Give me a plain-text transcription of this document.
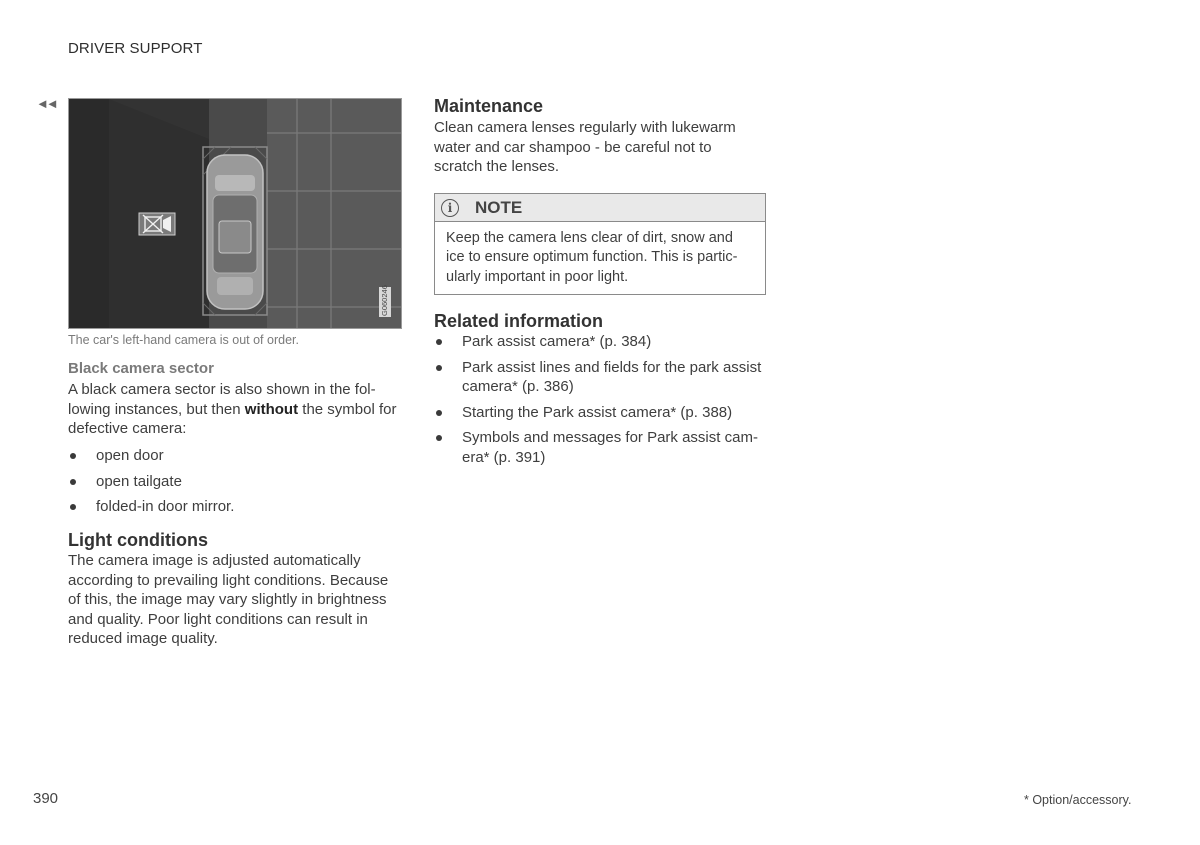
DRIVER SUPPORT
◄◄
G060246
The car's left-hand camera is out of order.
Black camera sector
A black camera sector is also shown in the fol-lowing instances, but then without the symbol for defective camera:
open door
open tailgate
folded-in door mirror.
Light conditions
The camera image is adjusted automatically according to prevailing light conditions. Because of this, the image may vary slightly in brightness and quality. Poor light conditions can result in reduced image quality.
Maintenance
Clean camera lenses regularly with lukewarm water and car shampoo - be careful not to scratch the lenses.
i	NOTE
Keep the camera lens clear of dirt, snow and ice to ensure optimum function. This is partic-ularly important in poor light.
Related information
Park assist camera* (p. 384)
Park assist lines and fields for the park assist camera* (p. 386)
Starting the Park assist camera* (p. 388)
Symbols and messages for Park assist cam-era* (p. 391)
390	* Option/accessory.
